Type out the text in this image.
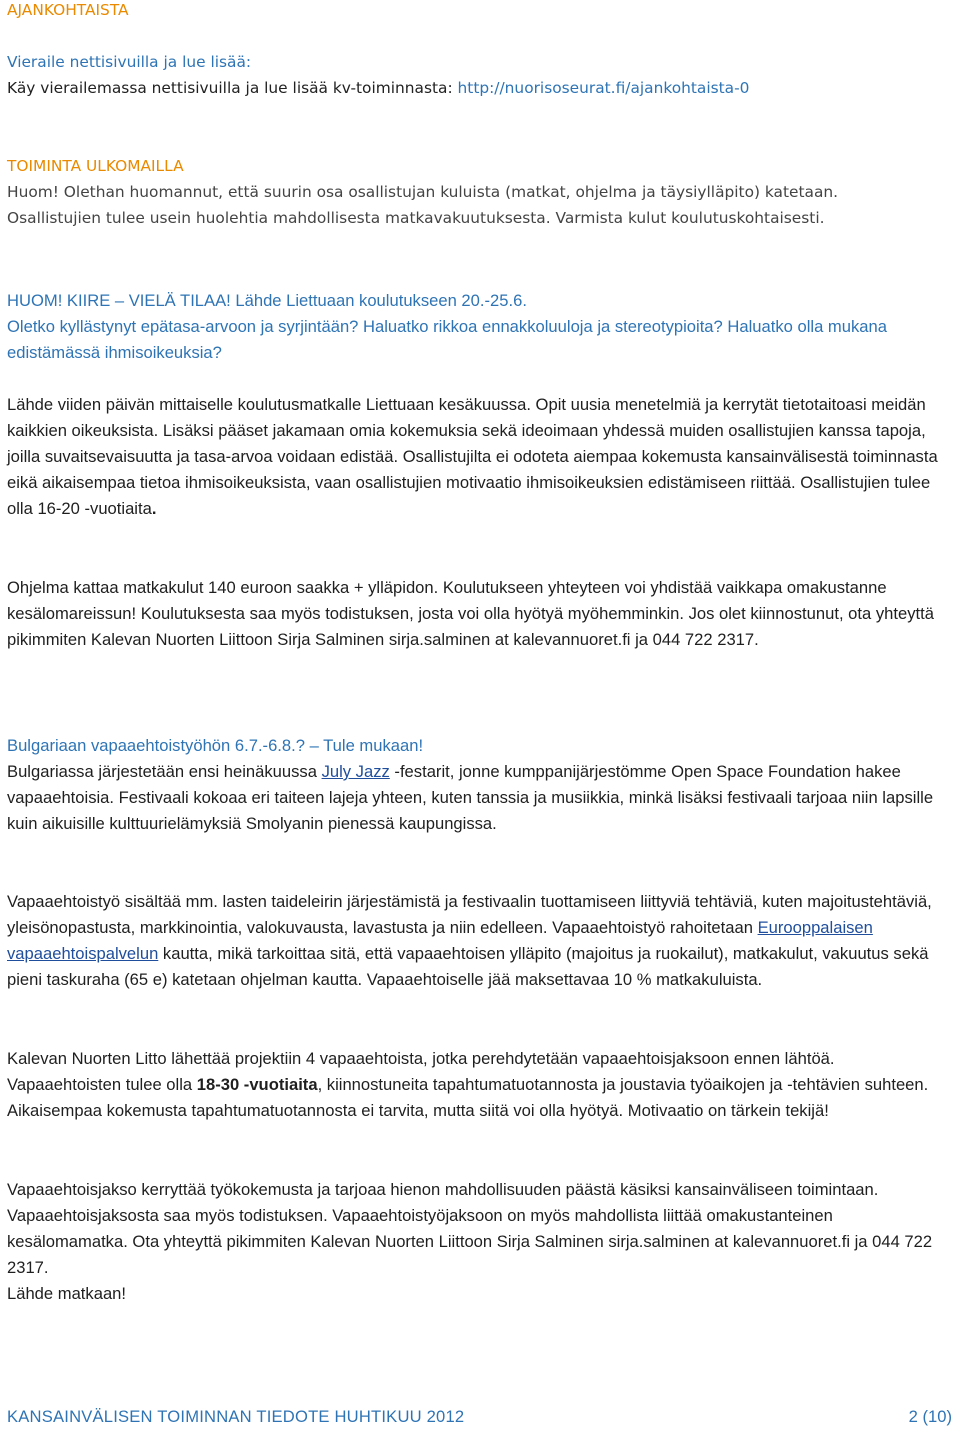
AJANKOHTAISTA

Vieraile nettisivuilla ja lue lisää:

Käy vierailemassa nettisivuilla ja lue lisää kv-toiminnasta: http://nuorisoseurat.fi/ajankohtaista-0

TOIMINTA ULKOMAILLA

Huom! Olethan huomannut, että suurin osa osallistujan kuluista (matkat, ohjelma ja täysiylläpito) katetaan.

Osallistujien tulee usein huolehtia mahdollisesta matkavakuutuksesta. Varmista kulut koulutuskohtaisesti.

HUOM! KIIRE – VIELÄ TILAA! Lähde Liettuaan koulutukseen 20.-25.6.

Oletko kyllästynyt epätasa-arvoon ja syrjintään? Haluatko rikkoa ennakkoluuloja ja stereotypioita? Haluatko olla mukana edistämässä ihmisoikeuksia?

Lähde viiden päivän mittaiselle koulutusmatkalle Liettuaan kesäkuussa. Opit uusia menetelmiä ja kerrytät tietotaitoasi meidän kaikkien oikeuksista. Lisäksi pääset jakamaan omia kokemuksia sekä ideoimaan yhdessä muiden osallistujien kanssa tapoja, joilla suvaitsevaisuutta ja tasa-arvoa voidaan edistää. Osallistujilta ei odoteta aiempaa kokemusta kansainvälisestä toiminnasta eikä aikaisempaa tietoa ihmisoikeuksista, vaan osallistujien motivaatio ihmisoikeuksien edistämiseen riittää. Osallistujien tulee olla 16-20 -vuotiaita.

Ohjelma kattaa matkakulut 140 euroon saakka + ylläpidon. Koulutukseen yhteyteen voi yhdistää vaikkapa omakustanne kesälomareissun! Koulutuksesta saa myös todistuksen, josta voi olla hyötyä myöhemminkin. Jos olet kiinnostunut, ota yhteyttä pikimmiten Kalevan Nuorten Liittoon Sirja Salminen sirja.salminen at kalevannuoret.fi ja 044 722 2317.

Bulgariaan vapaaehtoistyöhön 6.7.-6.8.? – Tule mukaan!

Bulgariassa järjestetään ensi heinäkuussa July Jazz -festarit, jonne kumppanijärjestömme Open Space Foundation hakee vapaaehtoisia. Festivaali kokoaa eri taiteen lajeja yhteen, kuten tanssia ja musiikkia, minkä lisäksi festivaali tarjoaa niin lapsille kuin aikuisille kulttuurielämyksiä Smolyanin pienessä kaupungissa.

Vapaaehtoistyö sisältää mm. lasten taideleirin järjestämistä ja festivaalin tuottamiseen liittyviä tehtäviä, kuten majoitustehtäviä, yleisönopastusta, markkinointia, valokuvausta, lavastusta ja niin edelleen. Vapaaehtoistyö rahoitetaan Eurooppalaisen vapaaehtoispalvelun kautta, mikä tarkoittaa sitä, että vapaaehtoisen ylläpito (majoitus ja ruokailut), matkakulut, vakuutus sekä pieni taskuraha (65 e) katetaan ohjelman kautta. Vapaaehtoiselle jää maksettavaa 10 % matkakuluista.

Kalevan Nuorten Litto lähettää projektiin 4 vapaaehtoista, jotka perehdytetään vapaaehtoisjaksoon ennen lähtöä. Vapaaehtoisten tulee olla 18-30 -vuotiaita, kiinnostuneita tapahtumatuotannosta ja joustavia työaikojen ja -tehtävien suhteen. Aikaisempaa kokemusta tapahtumatuotannosta ei tarvita, mutta siitä voi olla hyötyä. Motivaatio on tärkein tekijä!

Vapaaehtoisjakso kerryttää työkokemusta ja tarjoaa hienon mahdollisuuden päästä käsiksi kansainväliseen toimintaan. Vapaaehtoisjaksosta saa myös todistuksen. Vapaaehtoistyöjaksoon on myös mahdollista liittää omakustanteinen kesälomamatka. Ota yhteyttä pikimmiten Kalevan Nuorten Liittoon Sirja Salminen sirja.salminen at kalevannuoret.fi ja 044 722 2317.

Lähde matkaan!

KANSAINVÄLISEN TOIMINNAN TIEDOTE HUHTIKUU 2012	2 (10)
